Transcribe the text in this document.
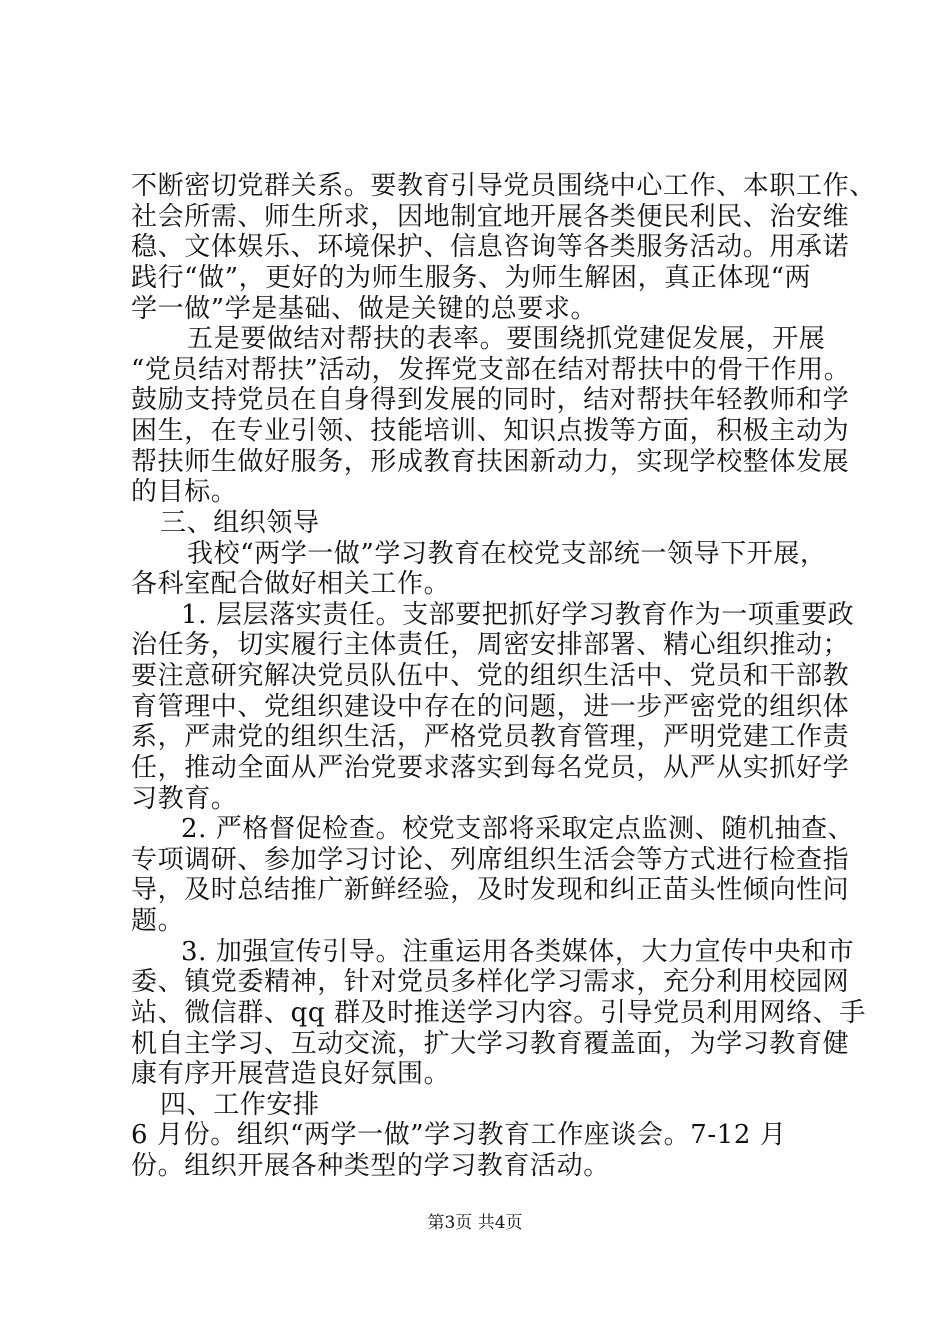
不断密切党群关系。要教育引导党员围绕中心工作、本职工作、
社会所需、师生所求，因地制宜地开展各类便民利民、治安维
稳、文体娱乐、环境保护、信息咨询等各类服务活动。用承诺
践行“做”，更好的为师生服务、为师生解困，真正体现“两
学一做”学是基础、做是关键的总要求。
五是要做结对帮扶的表率。要围绕抓党建促发展，开展
“党员结对帮扶”活动，发挥党支部在结对帮扶中的骨干作用。
鼓励支持党员在自身得到发展的同时，结对帮扶年轻教师和学
困生，在专业引领、技能培训、知识点拨等方面，积极主动为
帮扶师生做好服务，形成教育扶困新动力，实现学校整体发展
的目标。
三、组织领导
我校“两学一做”学习教育在校党支部统一领导下开展，
各科室配合做好相关工作。
1. 层层落实责任。支部要把抓好学习教育作为一项重要政
治任务，切实履行主体责任，周密安排部署、精心组织推动；
要注意研究解决党员队伍中、党的组织生活中、党员和干部教
育管理中、党组织建设中存在的问题，进一步严密党的组织体
系，严肃党的组织生活，严格党员教育管理，严明党建工作责
任，推动全面从严治党要求落实到每名党员，从严从实抓好学
习教育。
2. 严格督促检查。校党支部将采取定点监测、随机抽查、
专项调研、参加学习讨论、列席组织生活会等方式进行检查指
导，及时总结推广新鲜经验，及时发现和纠正苗头性倾向性问
题。
3. 加强宣传引导。注重运用各类媒体，大力宣传中央和市
委、镇党委精神，针对党员多样化学习需求，充分利用校园网
站、微信群、qq 群及时推送学习内容。引导党员利用网络、手
机自主学习、互动交流，扩大学习教育覆盖面，为学习教育健
康有序开展营造良好氛围。
四、工作安排
6 月份。组织“两学一做”学习教育工作座谈会。7-12 月
份。组织开展各种类型的学习教育活动。
第3页 共4页
